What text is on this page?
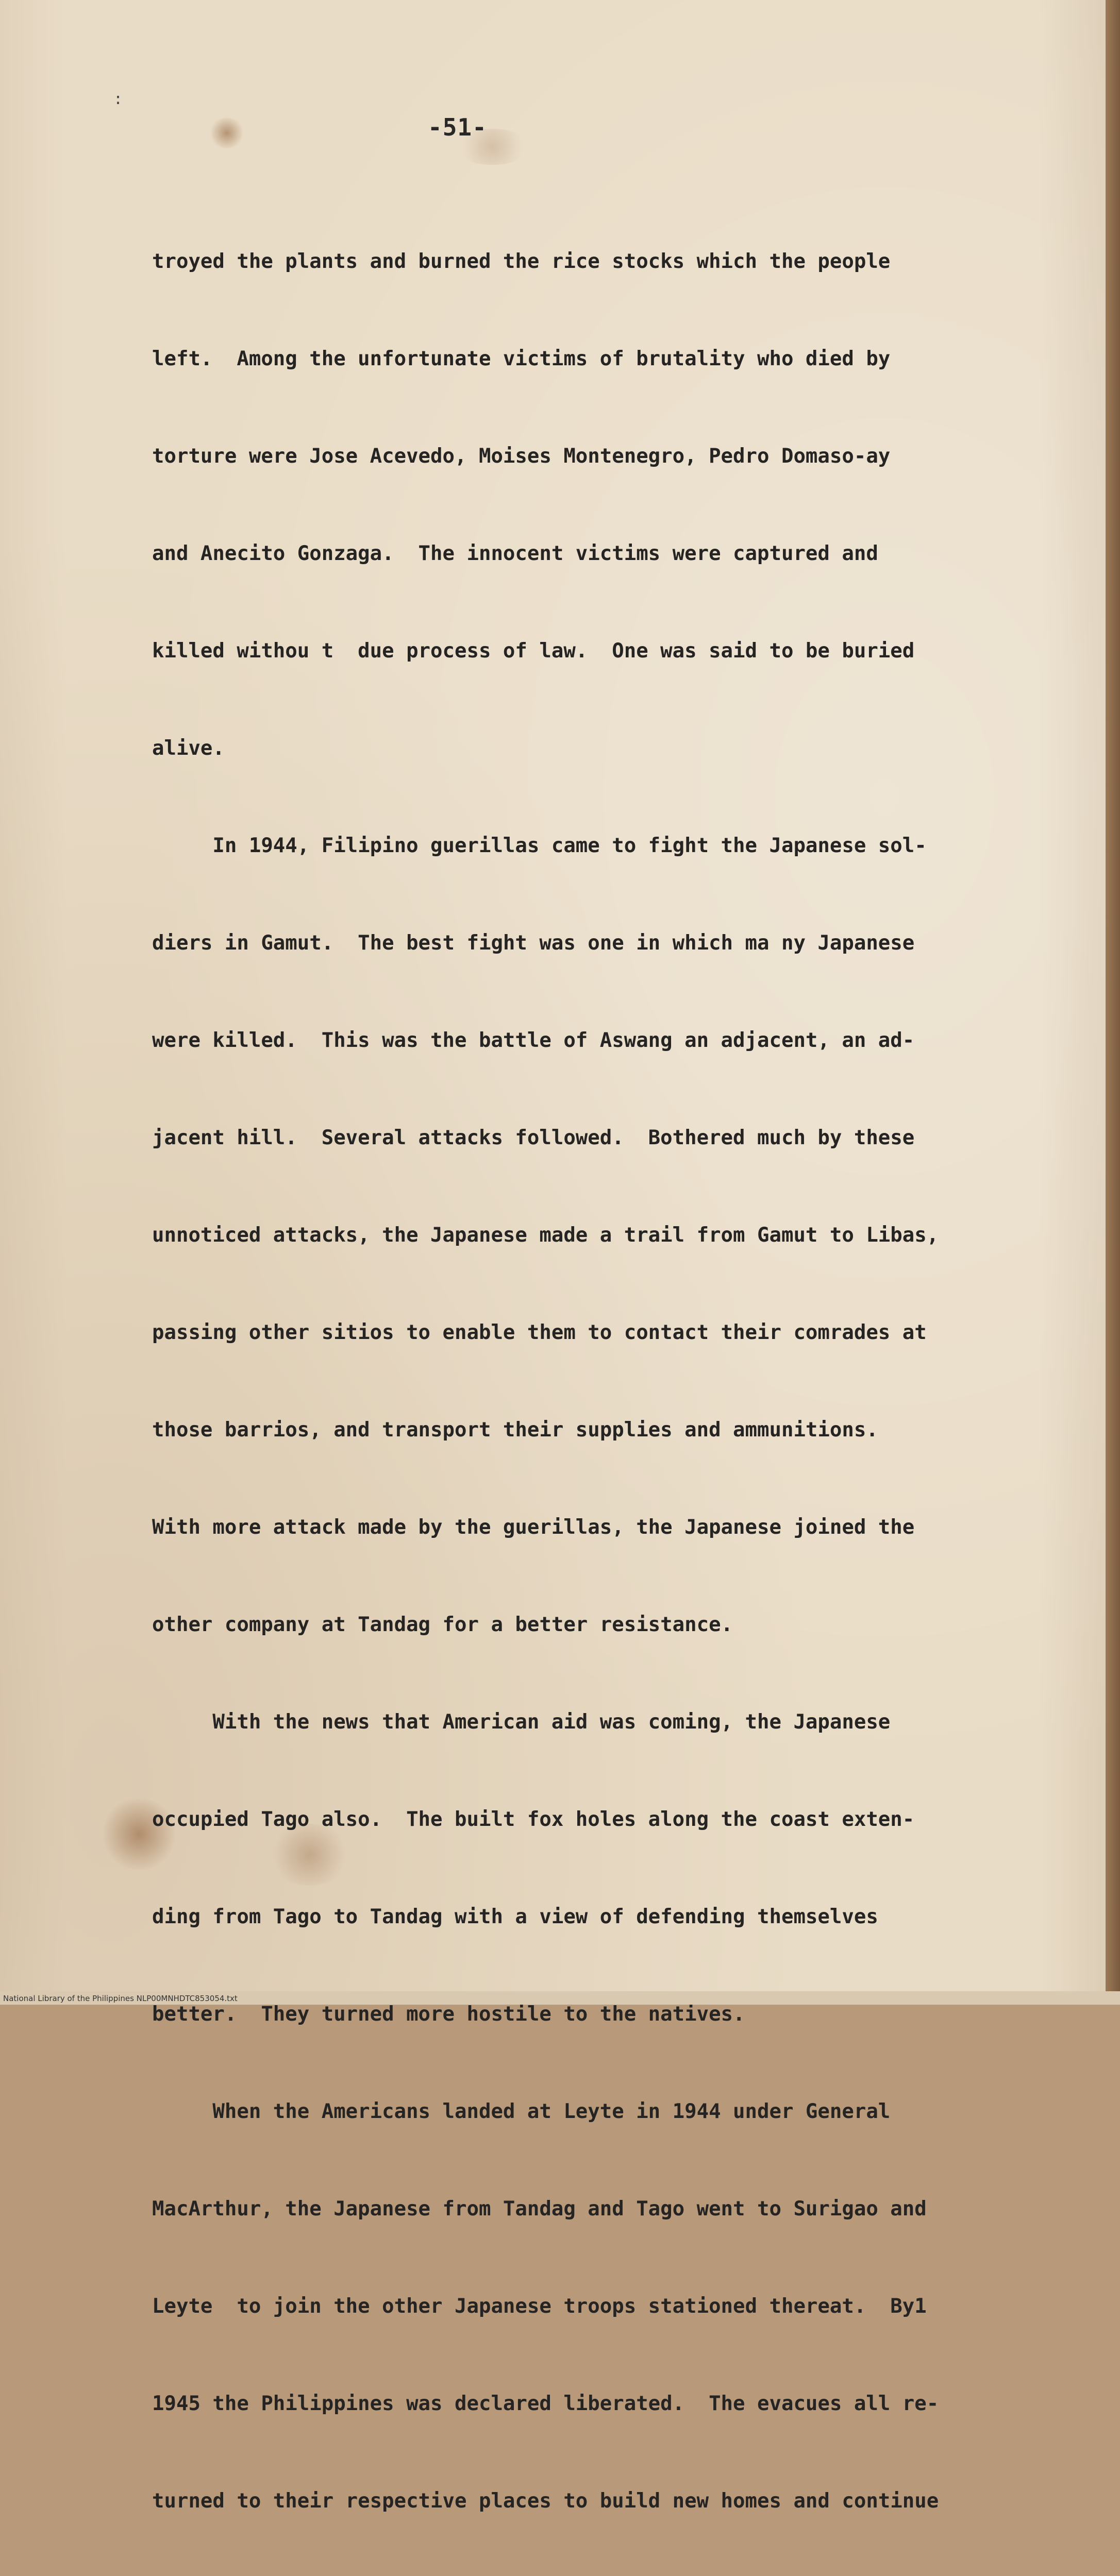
:
-51-

troyed the plants and burned the rice stocks which the people

left.  Among the unfortunate victims of brutality who died by

torture were Jose Acevedo, Moises Montenegro, Pedro Domaso-ay

and Anecito Gonzaga.  The innocent victims were captured and

killed withou t  due process of law.  One was said to be buried

alive.

In 1944, Filipino guerillas came to fight the Japanese sol-

diers in Gamut.  The best fight was one in which ma ny Japanese

were killed.  This was the battle of Aswang an adjacent, an ad-

jacent hill.  Several attacks followed.  Bothered much by these

unnoticed attacks, the Japanese made a trail from Gamut to Libas,

passing other sitios to enable them to contact their comrades at

those barrios, and transport their supplies and ammunitions.

With more attack made by the guerillas, the Japanese joined the

other company at Tandag for a better resistance.

With the news that American aid was coming, the Japanese

occupied Tago also.  The built fox holes along the coast exten-

ding from Tago to Tandag with a view of defending themselves

better.  They turned more hostile to the natives.

When the Americans landed at Leyte in 1944 under General

MacArthur, the Japanese from Tandag and Tago went to Surigao and

Leyte  to join the other Japanese troops stationed thereat.  By1

1945 the Philippines was declared liberated.  The evacues all re-

turned to their respective places to build new homes and continue

National Library of the Philippines NLP00MNHDTC853054.txt
